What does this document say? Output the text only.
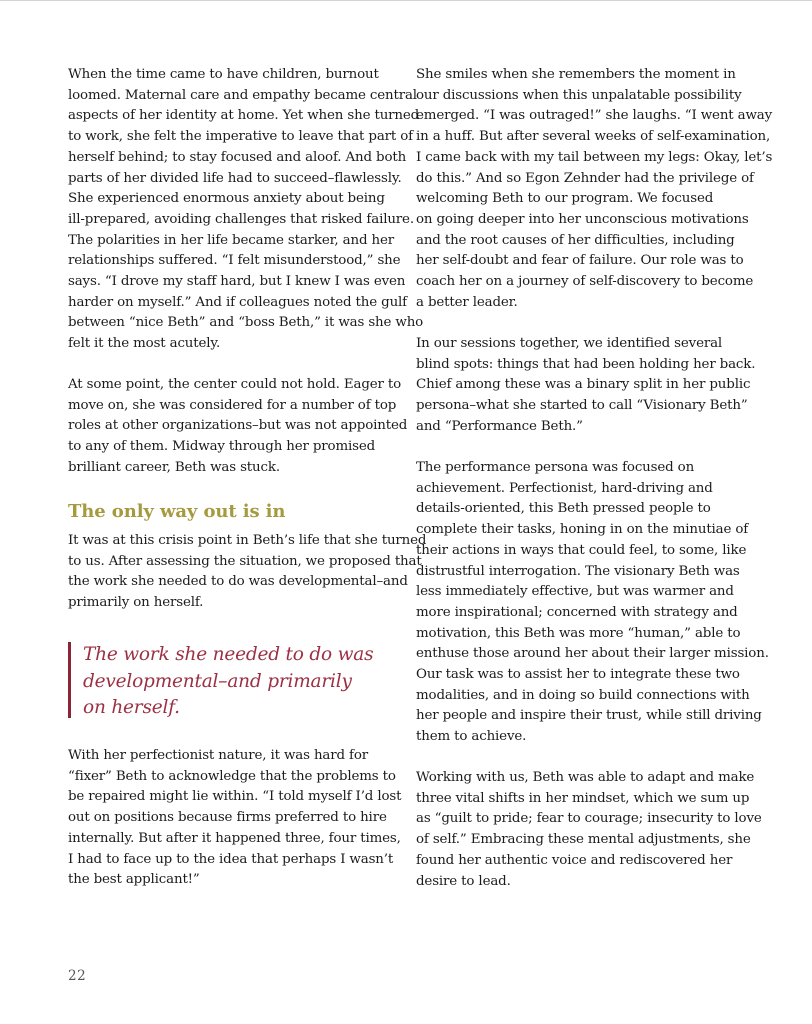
When the time came to have children, burnout
loomed. Maternal care and empathy became central
aspects of her identity at home. Yet when she turned
to work, she felt the imperative to leave that part of
herself behind; to stay focused and aloof. And both
parts of her divided life had to succeed–flawlessly.
She experienced enormous anxiety about being
ill-prepared, avoiding challenges that risked failure.
The polarities in her life became starker, and her
relationships suffered. “I felt misunderstood,” she
says. “I drove my staff hard, but I knew I was even
harder on myself.” And if colleagues noted the gulf
between “nice Beth” and “boss Beth,” it was she who
felt it the most acutely.

At some point, the center could not hold. Eager to
move on, she was considered for a number of top
roles at other organizations–but was not appointed
to any of them. Midway through her promised
brilliant career, Beth was stuck.

The only way out is in

It was at this crisis point in Beth’s life that she turned
to us. After assessing the situation, we proposed that
the work she needed to do was developmental–and
primarily on herself.

The work she needed to do was
developmental–and primarily
on herself.

With her perfectionist nature, it was hard for
“fixer” Beth to acknowledge that the problems to
be repaired might lie within. “I told myself I’d lost
out on positions because firms preferred to hire
internally. But after it happened three, four times,
I had to face up to the idea that perhaps I wasn’t
the best applicant!”

She smiles when she remembers the moment in
our discussions when this unpalatable possibility
emerged. “I was outraged!” she laughs. “I went away
in a huff. But after several weeks of self-examination,
I came back with my tail between my legs: Okay, let’s
do this.” And so Egon Zehnder had the privilege of
welcoming Beth to our program. We focused
on going deeper into her unconscious motivations
and the root causes of her difficulties, including
her self-doubt and fear of failure. Our role was to
coach her on a journey of self-discovery to become
a better leader.

In our sessions together, we identified several
blind spots: things that had been holding her back.
Chief among these was a binary split in her public
persona–what she started to call “Visionary Beth”
and “Performance Beth.”

The performance persona was focused on
achievement. Perfectionist, hard-driving and
details-oriented, this Beth pressed people to
complete their tasks, honing in on the minutiae of
their actions in ways that could feel, to some, like
distrustful interrogation. The visionary Beth was
less immediately effective, but was warmer and
more inspirational; concerned with strategy and
motivation, this Beth was more “human,” able to
enthuse those around her about their larger mission.
Our task was to assist her to integrate these two
modalities, and in doing so build connections with
her people and inspire their trust, while still driving
them to achieve.

Working with us, Beth was able to adapt and make
three vital shifts in her mindset, which we sum up
as “guilt to pride; fear to courage; insecurity to love
of self.” Embracing these mental adjustments, she
found her authentic voice and rediscovered her
desire to lead.

22
